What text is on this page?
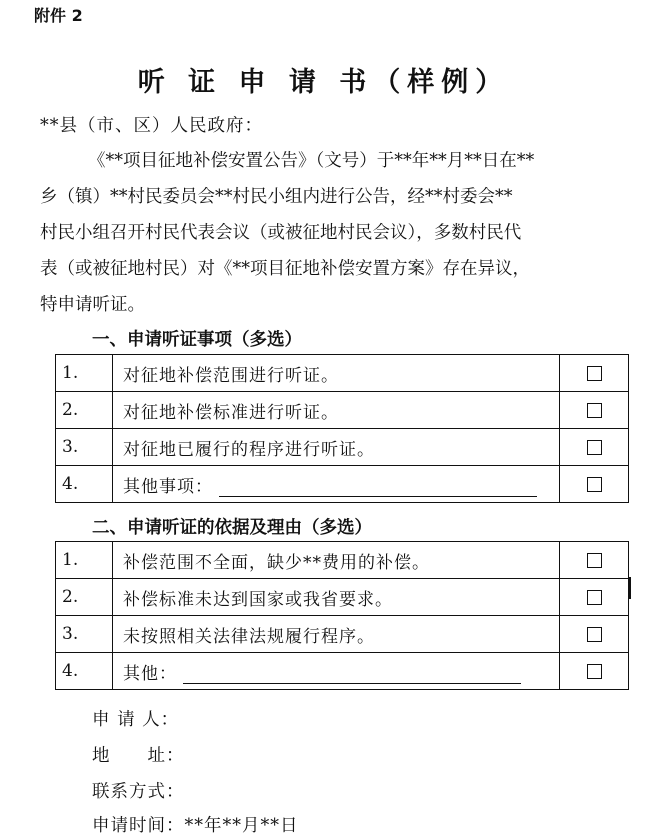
附件 2
听 证 申 请 书（样例）
**县（市、区）人民政府：
《**项目征地补偿安置公告》（文号）于**年**月**日在**
乡（镇）**村民委员会**村民小组内进行公告，经**村委会**
村民小组召开村民代表会议（或被征地村民会议），多数村民代
表（或被征地村民）对《**项目征地补偿安置方案》存在异议，
特申请听证。
一、申请听证事项（多选）
1.	对征地补偿范围进行听证。	
2.	对征地补偿标准进行听证。	
3.	对征地已履行的程序进行听证。	
4.	其他事项：	
二、申请听证的依据及理由（多选）
1.	补偿范围不全面，缺少**费用的补偿。	
2.	补偿标准未达到国家或我省要求。	
3.	未按照相关法律法规履行程序。	
4.	其他：	
申 请 人：
地　　址：
联系方式：
申请时间：**年**月**日
